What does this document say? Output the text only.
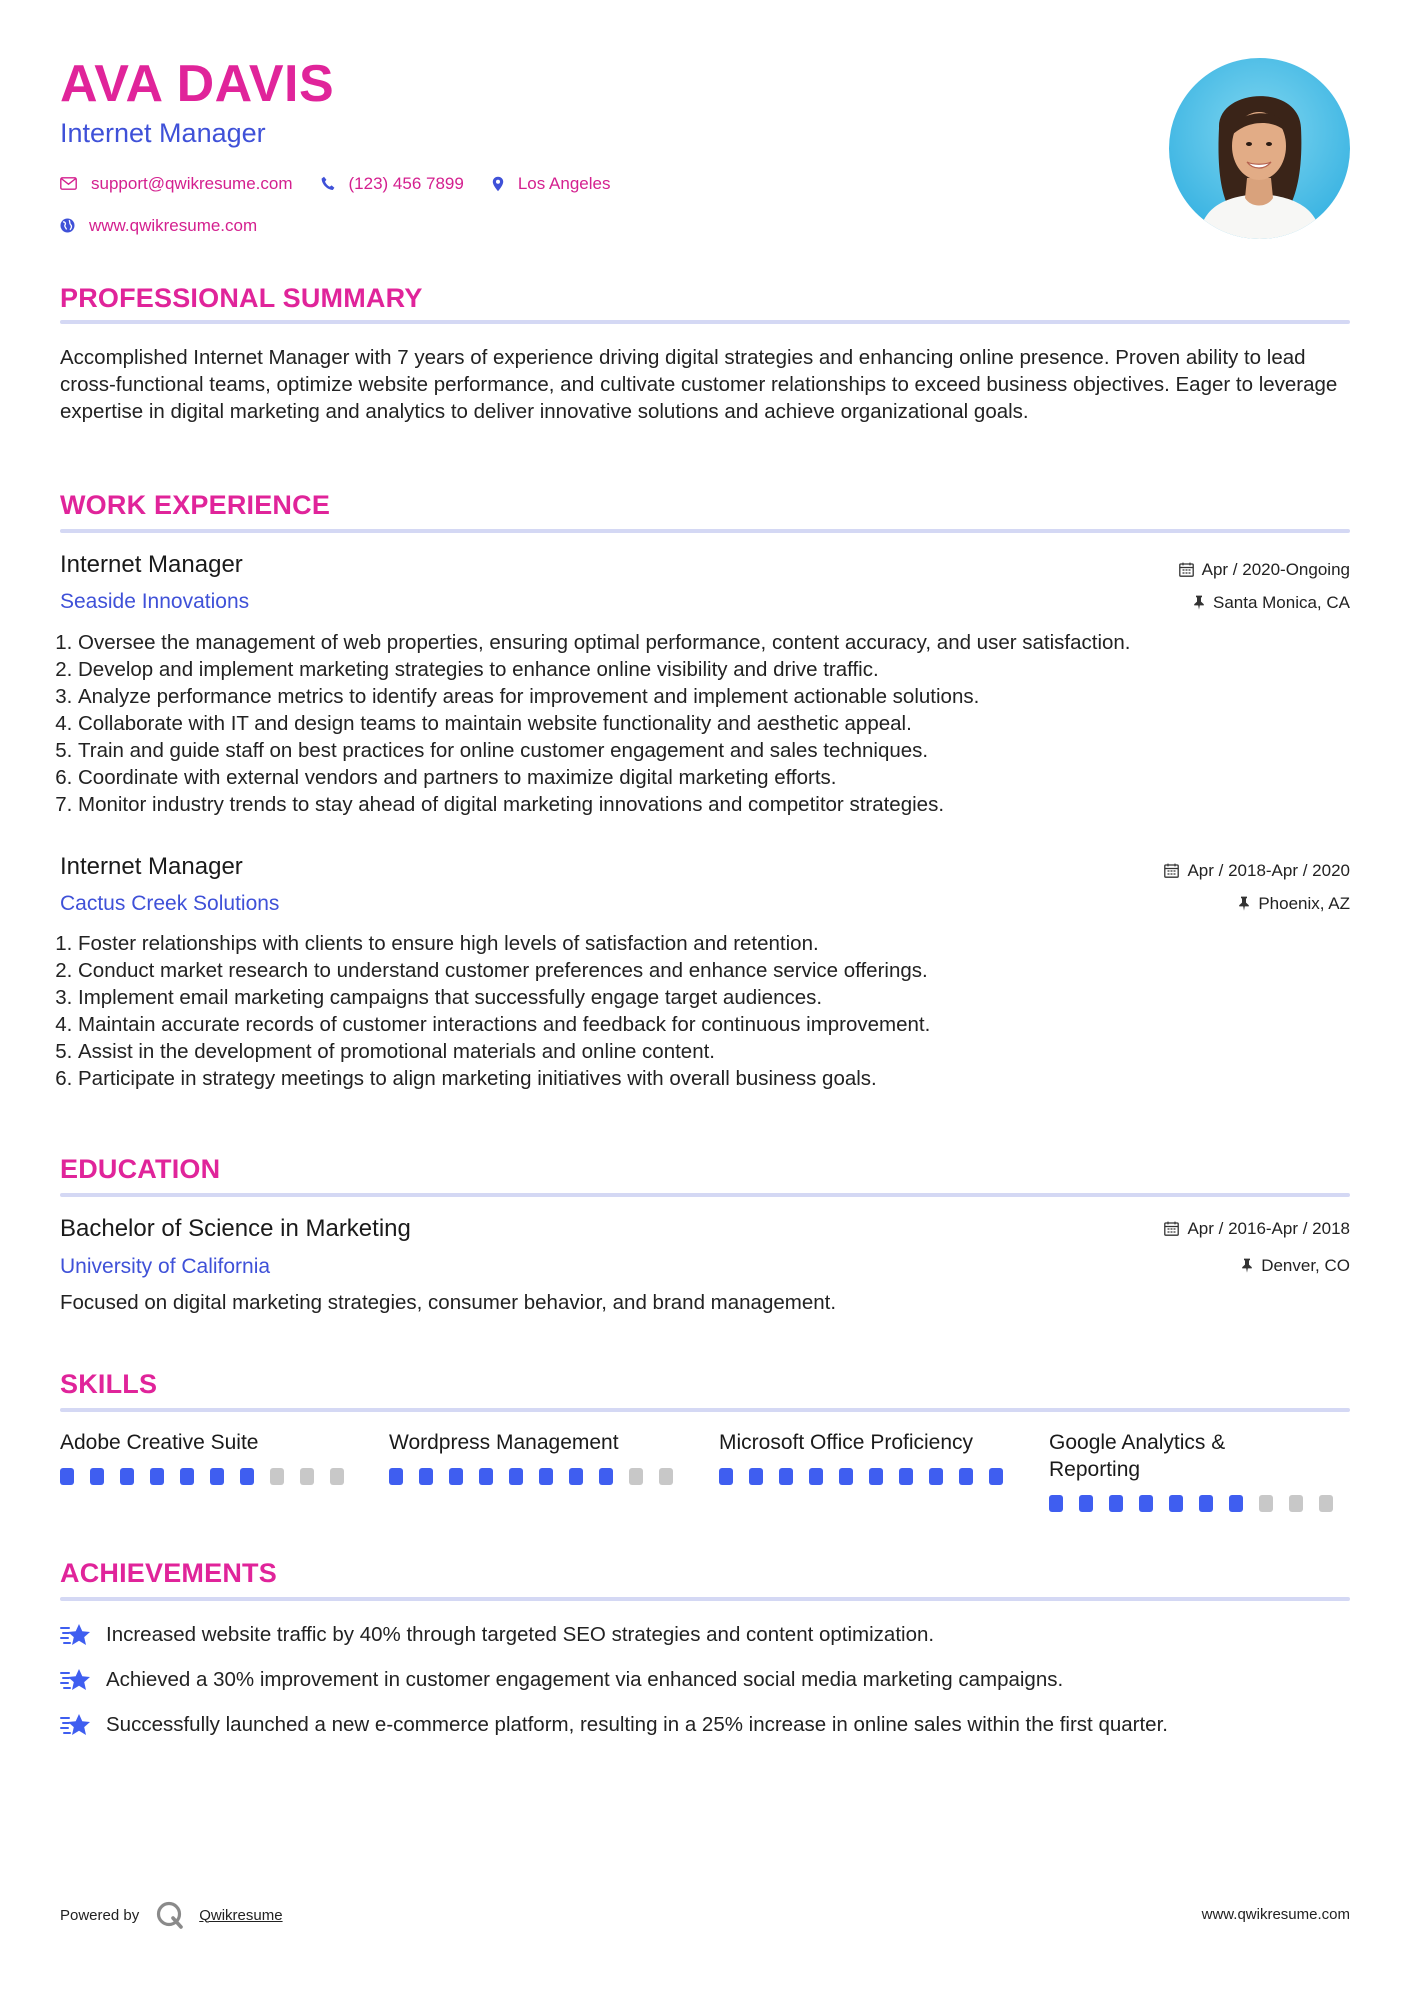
AVA DAVIS
Internet Manager
support@qwikresume.com	(123) 456 7899	Los Angeles
www.qwikresume.com
PROFESSIONAL SUMMARY

Accomplished Internet Manager with 7 years of experience driving digital strategies and enhancing online presence. Proven ability to lead cross-functional teams, optimize website performance, and cultivate customer relationships to exceed business objectives. Eager to leverage expertise in digital marketing and analytics to deliver innovative solutions and achieve organizational goals.

WORK EXPERIENCE
Internet Manager
Seaside Innovations
Apr / 2020-Ongoing
Santa Monica, CA
1. Oversee the management of web properties, ensuring optimal performance, content accuracy, and user satisfaction.
2. Develop and implement marketing strategies to enhance online visibility and drive traffic.
3. Analyze performance metrics to identify areas for improvement and implement actionable solutions.
4. Collaborate with IT and design teams to maintain website functionality and aesthetic appeal.
5. Train and guide staff on best practices for online customer engagement and sales techniques.
6. Coordinate with external vendors and partners to maximize digital marketing efforts.
7. Monitor industry trends to stay ahead of digital marketing innovations and competitor strategies.
Internet Manager
Cactus Creek Solutions
Apr / 2018-Apr / 2020
Phoenix, AZ
1. Foster relationships with clients to ensure high levels of satisfaction and retention.
2. Conduct market research to understand customer preferences and enhance service offerings.
3. Implement email marketing campaigns that successfully engage target audiences.
4. Maintain accurate records of customer interactions and feedback for continuous improvement.
5. Assist in the development of promotional materials and online content.
6. Participate in strategy meetings to align marketing initiatives with overall business goals.
EDUCATION
Bachelor of Science in Marketing
University of California
Apr / 2016-Apr / 2018
Denver, CO

Focused on digital marketing strategies, consumer behavior, and brand management.

SKILLS
Adobe Creative Suite	Wordpress Management	Microsoft Office Proficiency	Google Analytics & Reporting
ACHIEVEMENTS
Increased website traffic by 40% through targeted SEO strategies and content optimization.
Achieved a 30% improvement in customer engagement via enhanced social media marketing campaigns.
Successfully launched a new e-commerce platform, resulting in a 25% increase in online sales within the first quarter.
Powered by	Qwikresume	www.qwikresume.com
